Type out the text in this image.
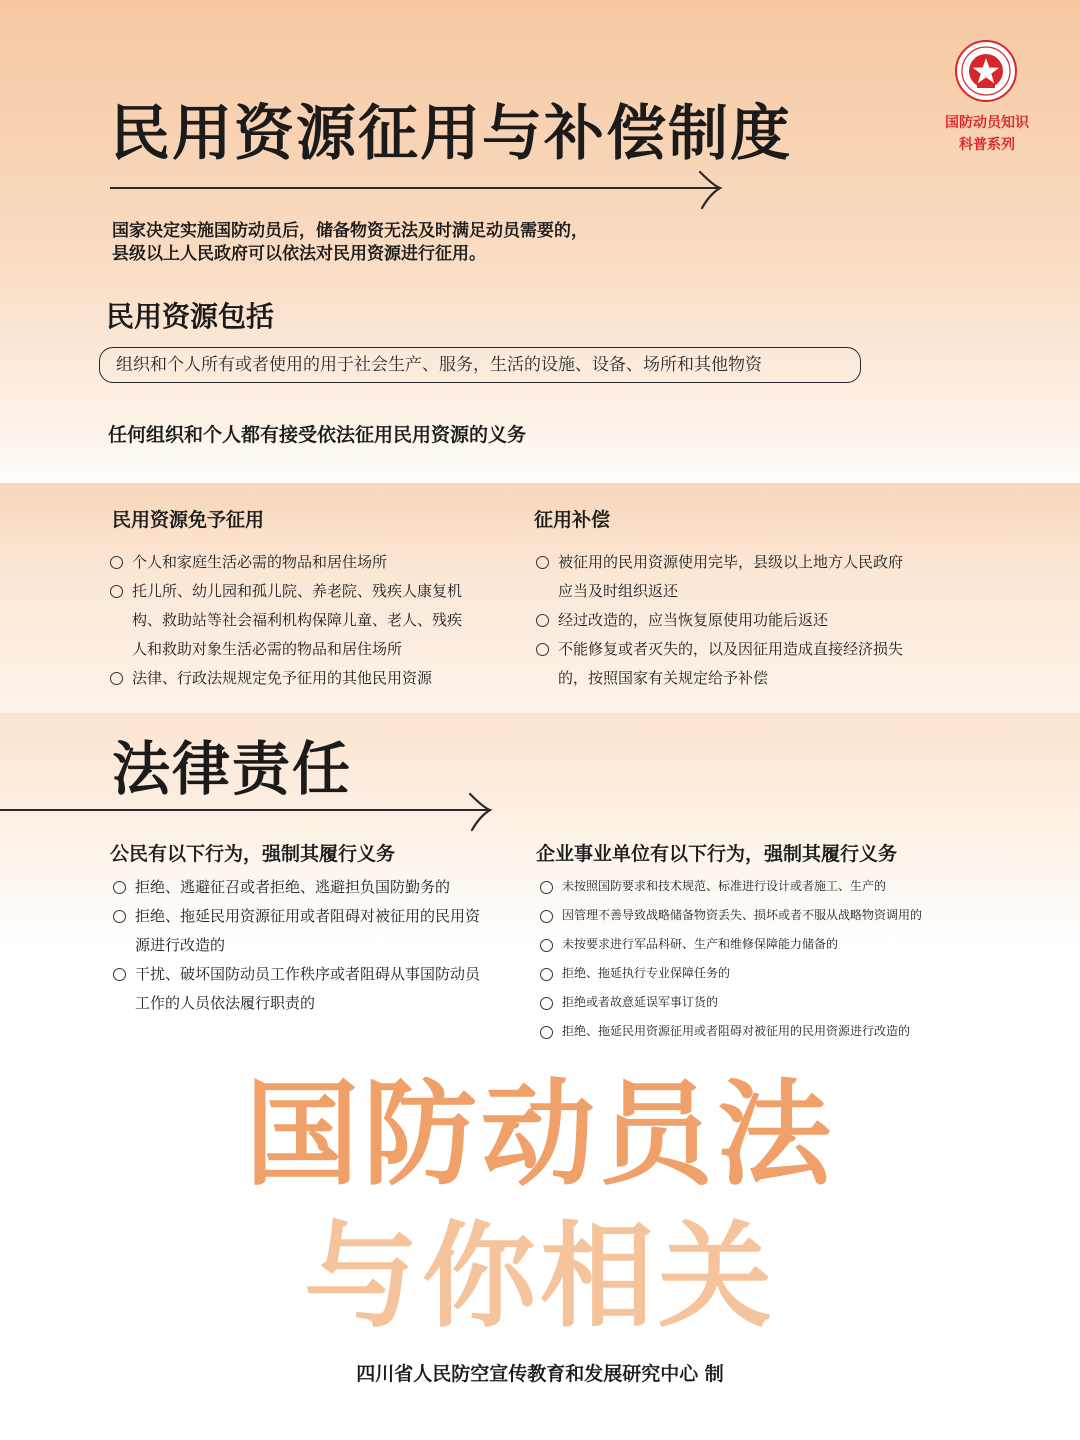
民用资源征用与补偿制度
国家决定实施国防动员后，储备物资无法及时满足动员需要的，
县级以上人民政府可以依法对民用资源进行征用。
国防动员知识
科普系列
民用资源包括
组织和个人所有或者使用的用于社会生产、服务，生活的设施、设备、场所和其他物资
任何组织和个人都有接受依法征用民用资源的义务
民用资源免予征用
个人和家庭生活必需的物品和居住场所
托儿所、幼儿园和孤儿院、养老院、残疾人康复机
构、救助站等社会福利机构保障儿童、老人、残疾
人和救助对象生活必需的物品和居住场所
法律、行政法规规定免予征用的其他民用资源
征用补偿
被征用的民用资源使用完毕，县级以上地方人民政府
应当及时组织返还
经过改造的，应当恢复原使用功能后返还
不能修复或者灭失的，以及因征用造成直接经济损失
的，按照国家有关规定给予补偿
法律责任
公民有以下行为，强制其履行义务
拒绝、逃避征召或者拒绝、逃避担负国防勤务的
拒绝、拖延民用资源征用或者阻碍对被征用的民用资
源进行改造的
干扰、破坏国防动员工作秩序或者阻碍从事国防动员
工作的人员依法履行职责的
企业事业单位有以下行为，强制其履行义务
未按照国防要求和技术规范、标准进行设计或者施工、生产的
因管理不善导致战略储备物资丢失、损坏或者不服从战略物资调用的
未按要求进行军品科研、生产和维修保障能力储备的
拒绝、拖延执行专业保障任务的
拒绝或者故意延误军事订货的
拒绝、拖延民用资源征用或者阻碍对被征用的民用资源进行改造的
国防动员法
与你相关
四川省人民防空宣传教育和发展研究中心 制
